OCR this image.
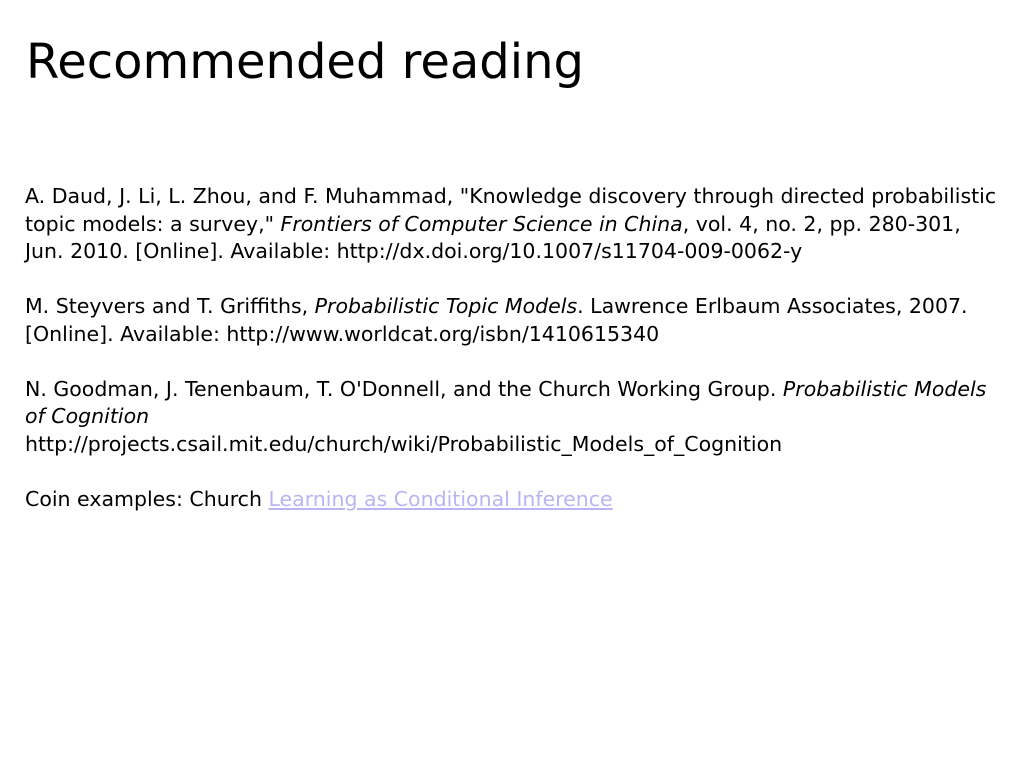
Recommended reading

A. Daud, J. Li, L. Zhou, and F. Muhammad, "Knowledge discovery through directed probabilistic topic models: a survey," Frontiers of Computer Science in China, vol. 4, no. 2, pp. 280-301, Jun. 2010. [Online]. Available: http://dx.doi.org/10.1007/s11704-009-0062-y

M. Steyvers and T. Griffiths, Probabilistic Topic Models. Lawrence Erlbaum Associates, 2007. [Online]. Available: http://www.worldcat.org/isbn/1410615340

N. Goodman, J. Tenenbaum, T. O'Donnell, and the Church Working Group. Probabilistic Models of Cognition
http://projects.csail.mit.edu/church/wiki/Probabilistic_Models_of_Cognition

Coin examples: Church Learning as Conditional Inference
